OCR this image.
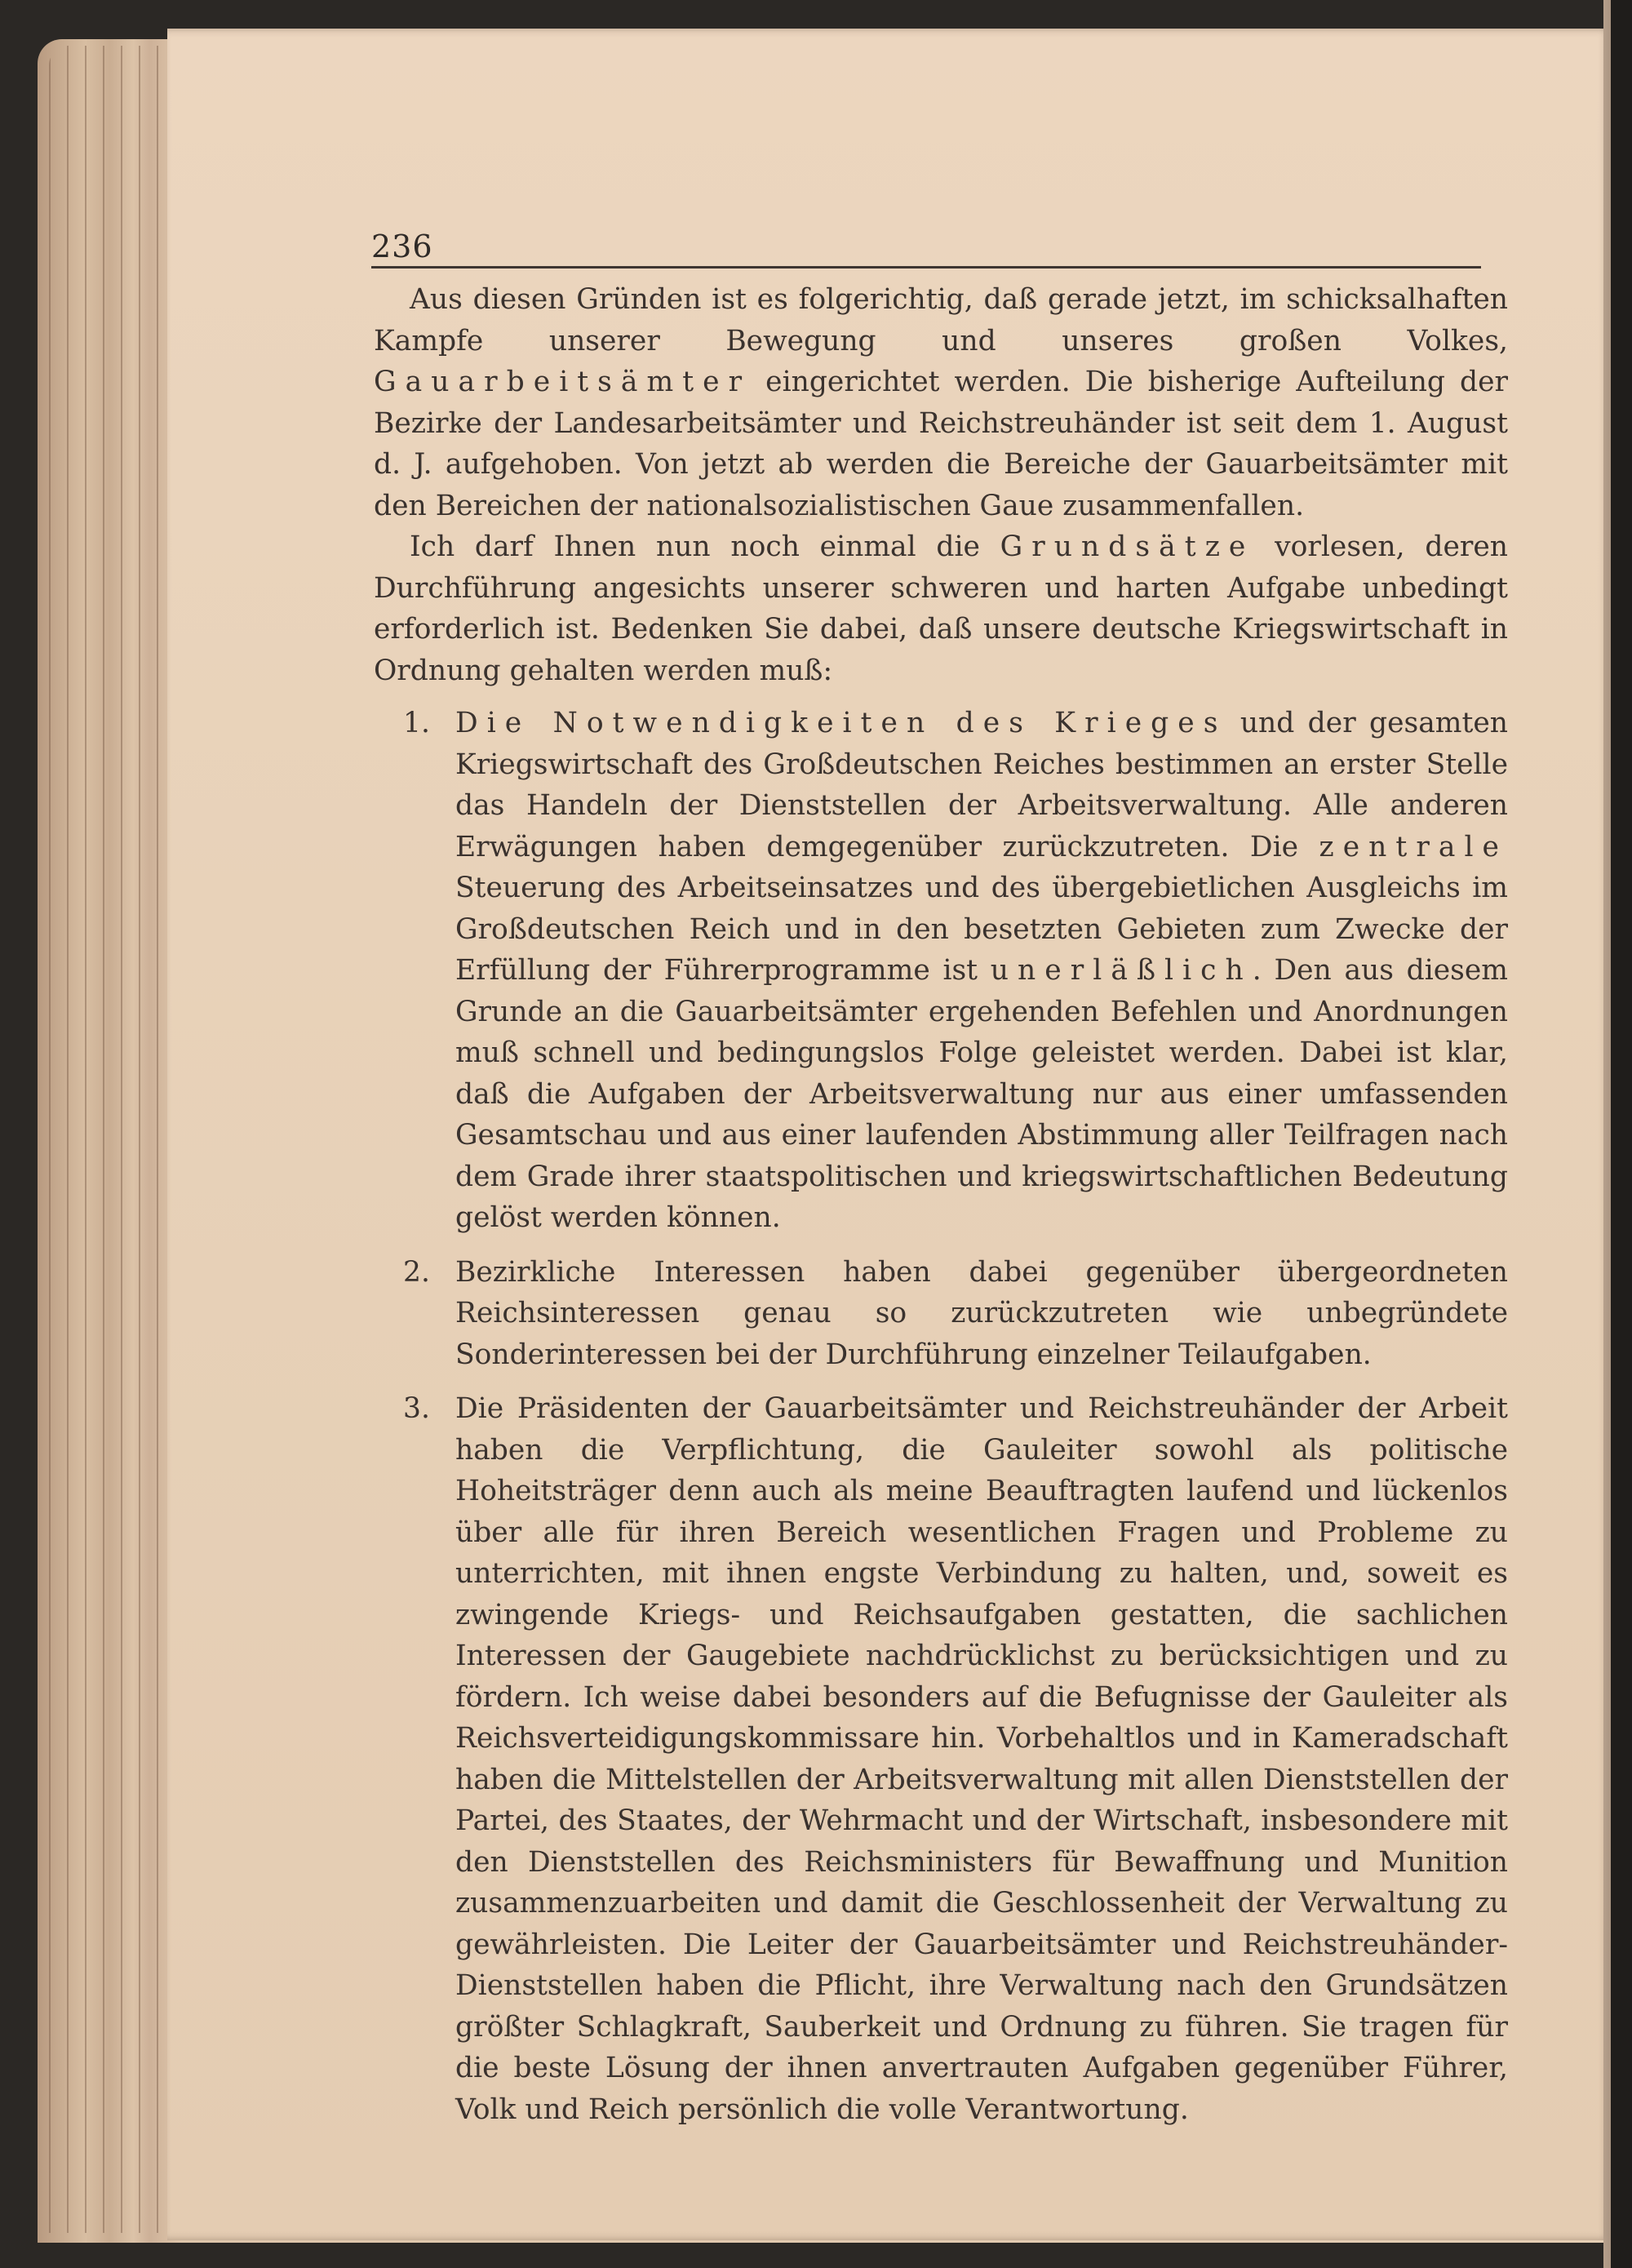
236

Aus diesen Gründen ist es folgerichtig, daß gerade jetzt, im schicksalhaften Kampfe unserer Bewegung und unseres großen Volkes, Gauarbeitsämter eingerichtet werden. Die bisherige Aufteilung der Bezirke der Landesarbeitsämter und Reichstreuhänder ist seit dem 1. August d. J. aufgehoben. Von jetzt ab werden die Bereiche der Gauarbeitsämter mit den Bereichen der nationalsozialistischen Gaue zusammenfallen.

Ich darf Ihnen nun noch einmal die Grundsätze vorlesen, deren Durchführung angesichts unserer schweren und harten Aufgabe unbedingt erforderlich ist. Bedenken Sie dabei, daß unsere deutsche Kriegswirtschaft in Ordnung gehalten werden muß:

1. Die Notwendigkeiten des Krieges und der gesamten Kriegswirtschaft des Großdeutschen Reiches bestimmen an erster Stelle das Handeln der Dienststellen der Arbeitsverwaltung. Alle anderen Erwägungen haben demgegenüber zurückzutreten. Die zentrale Steuerung des Arbeitseinsatzes und des übergebietlichen Ausgleichs im Großdeutschen Reich und in den besetzten Gebieten zum Zwecke der Erfüllung der Führerprogramme ist unerläßlich. Den aus diesem Grunde an die Gauarbeitsämter ergehenden Befehlen und Anordnungen muß schnell und bedingungslos Folge geleistet werden. Dabei ist klar, daß die Aufgaben der Arbeitsverwaltung nur aus einer umfassenden Gesamtschau und aus einer laufenden Abstimmung aller Teilfragen nach dem Grade ihrer staatspolitischen und kriegswirtschaftlichen Bedeutung gelöst werden können.
2. Bezirkliche Interessen haben dabei gegenüber übergeordneten Reichsinteressen genau so zurückzutreten wie unbegründete Sonderinteressen bei der Durchführung einzelner Teilaufgaben.
3. Die Präsidenten der Gauarbeitsämter und Reichstreuhänder der Arbeit haben die Verpflichtung, die Gauleiter sowohl als politische Hoheitsträger denn auch als meine Beauftragten laufend und lückenlos über alle für ihren Bereich wesentlichen Fragen und Probleme zu unterrichten, mit ihnen engste Verbindung zu halten, und, soweit es zwingende Kriegs- und Reichsaufgaben gestatten, die sachlichen Interessen der Gaugebiete nachdrücklichst zu berücksichtigen und zu fördern. Ich weise dabei besonders auf die Befugnisse der Gauleiter als Reichsverteidigungskommissare hin. Vorbehaltlos und in Kameradschaft haben die Mittelstellen der Arbeitsverwaltung mit allen Dienststellen der Partei, des Staates, der Wehrmacht und der Wirtschaft, insbesondere mit den Dienststellen des Reichsministers für Bewaffnung und Munition zusammenzuarbeiten und damit die Geschlossenheit der Verwaltung zu gewährleisten. Die Leiter der Gauarbeitsämter und Reichstreuhänder-Dienststellen haben die Pflicht, ihre Verwaltung nach den Grundsätzen größter Schlagkraft, Sauberkeit und Ordnung zu führen. Sie tragen für die beste Lösung der ihnen anvertrauten Aufgaben gegenüber Führer, Volk und Reich persönlich die volle Verantwortung.
